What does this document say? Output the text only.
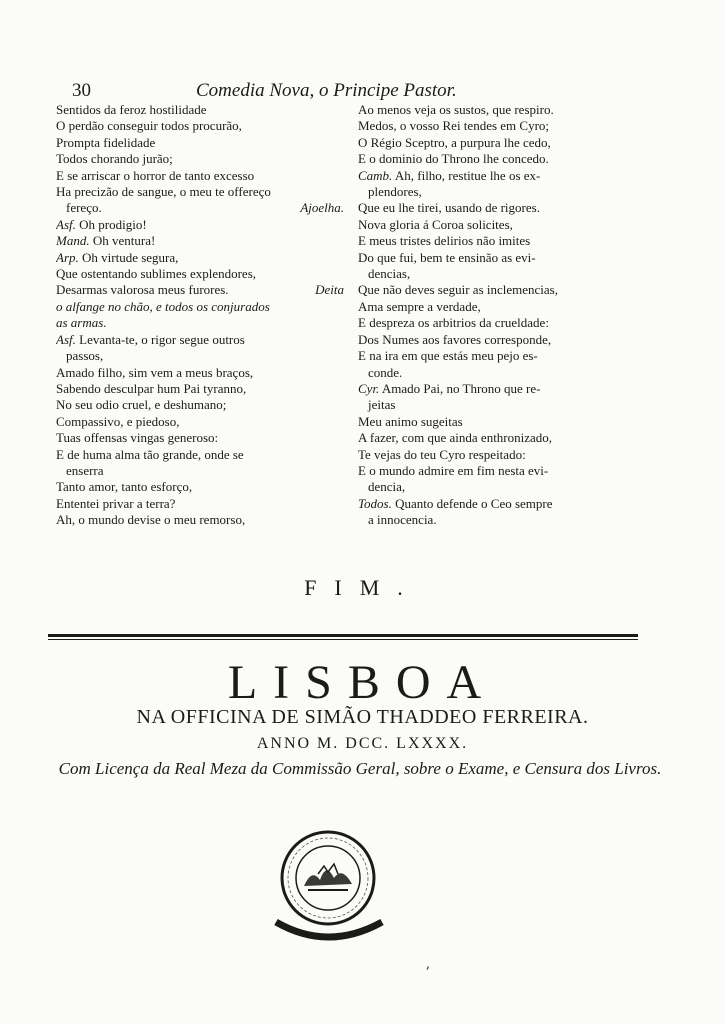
30	Comedia Nova, o Principe Pastor.
Sentidos da feroz hostilidade
O perdão conseguir todos procurão,
Prompta fidelidade
Todos chorando jurão;
E se arriscar o horror de tanto excesso
Ha precizão de sangue, o meu te offereço
Ajoelha.
fereço.
Asf. Oh prodigio!
Mand. Oh ventura!
Arp. Oh virtude segura,
Que ostentando sublimes explendores,
Deita
Desarmas valorosa meus furores.
o alfange no chão, e todos os conjurados
as armas.
Asf. Levanta-te, o rigor segue outros
passos,
Amado filho, sim vem a meus braços,
Sabendo desculpar hum Pai tyranno,
No seu odio cruel, e deshumano;
Compassivo, e piedoso,
Tuas offensas vingas generoso:
E de huma alma tão grande, onde se
enserra
Tanto amor, tanto esforço,
Ententei privar a terra?
Ah, o mundo devise o meu remorso,
Ao menos veja os sustos, que respiro.
Medos, o vosso Rei tendes em Cyro;
O Régio Sceptro, a purpura lhe cedo,
E o dominio do Throno lhe concedo.
Camb. Ah, filho, restitue lhe os ex-
plendores,
Que eu lhe tirei, usando de rigores.
Nova gloria á Coroa solicites,
E meus tristes delirios não imites
Do que fui, bem te ensinão as evi-
dencias,
Que não deves seguir as inclemencias,
Ama sempre a verdade,
E despreza os arbitrios da crueldade:
Dos Numes aos favores corresponde,
E na ira em que estás meu pejo es-
conde.
Cyr. Amado Pai, no Throno que re-
jeitas
Meu animo sugeitas
A fazer, com que ainda enthronizado,
Te vejas do teu Cyro respeitado:
E o mundo admire em fim nesta evi-
dencia,
Todos. Quanto defende o Ceo sempre
a innocencia.
FIM.
LISBOA
NA OFFICINA DE SIMÃO THADDEO FERREIRA.
ANNO M. DCC. LXXXX.
Com Licença da Real Meza da Commissão Geral, sobre o Exame, e Censura dos Livros.
ʼ
